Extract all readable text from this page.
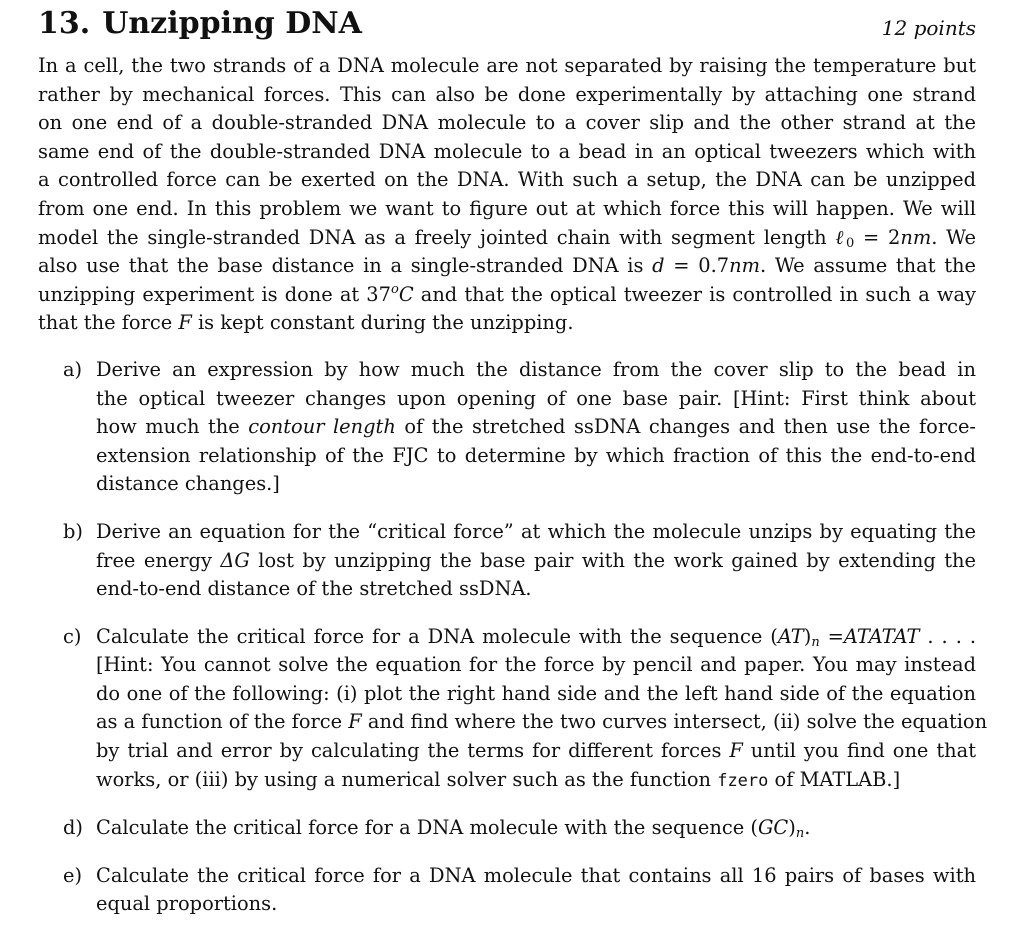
13. Unzipping DNA	12 points

In a cell, the two strands of a DNA molecule are not separated by raising the temperature but
rather by mechanical forces. This can also be done experimentally by attaching one strand
on one end of a double-stranded DNA molecule to a cover slip and the other strand at the
same end of the double-stranded DNA molecule to a bead in an optical tweezers which with
a controlled force can be exerted on the DNA. With such a setup, the DNA can be unzipped
from one end. In this problem we want to figure out at which force this will happen. We will
model the single-stranded DNA as a freely jointed chain with segment length ℓ$_0$ = 2nm. We
also use that the base distance in a single-stranded DNA is d = 0.7nm. We assume that the
unzipping experiment is done at 37$^o$C and that the optical tweezer is controlled in such a way
that the force F is kept constant during the unzipping.

a) Derive an expression by how much the distance from the cover slip to the bead in
the optical tweezer changes upon opening of one base pair. [Hint: First think about
how much the contour length of the stretched ssDNA changes and then use the force-
extension relationship of the FJC to determine by which fraction of this the end-to-end
distance changes.]
b) Derive an equation for the “critical force” at which the molecule unzips by equating the
free energy ΔG lost by unzipping the base pair with the work gained by extending the
end-to-end distance of the stretched ssDNA.
c) Calculate the critical force for a DNA molecule with the sequence $(AT)_n$ =ATATAT . . . .
[Hint: You cannot solve the equation for the force by pencil and paper. You may instead
do one of the following: (i) plot the right hand side and the left hand side of the equation
as a function of the force F and find where the two curves intersect, (ii) solve the equation
by trial and error by calculating the terms for different forces F until you find one that
works, or (iii) by using a numerical solver such as the function fzero of MATLAB.]
d) Calculate the critical force for a DNA molecule with the sequence $(GC)_n$.
e) Calculate the critical force for a DNA molecule that contains all 16 pairs of bases with
equal proportions.
